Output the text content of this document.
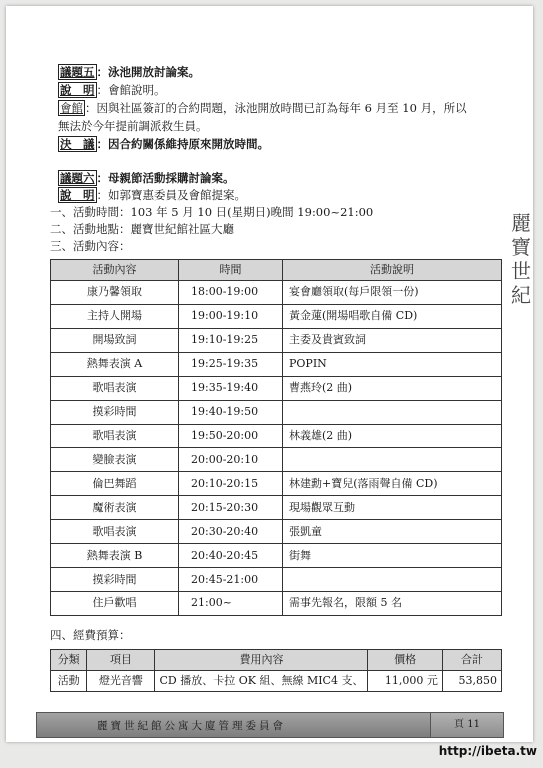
議題五 ：泳池開放討論案。
說　明 ：會館說明。
會館 ：因與社區簽訂的合約問題，泳池開放時間已訂為每年 6 月至 10 月，所以
無法於今年提前調派救生員。
決　議 ：因合約關係維持原來開放時間。
議題六 ：母親節活動採購討論案。
說　明 ：如郭寶惠委員及會館提案。
一、活動時間：103 年 5 月 10 日(星期日)晚間 19:00~21:00
二、活動地點：麗寶世紀館社區大廳
三、活動內容：
活動內容	時間	活動說明
康乃馨領取	18:00-19:00	宴會廳領取(每戶限領一份)
主持人開場	19:00-19:10	黃金蓮(開場唱歌自備 CD)
開場致詞	19:10-19:25	主委及貴賓致詞
熱舞表演 A	19:25-19:35	POPIN
歌唱表演	19:35-19:40	曹燕玲(2 曲)
摸彩時間	19:40-19:50	
歌唱表演	19:50-20:00	林義雄(2 曲)
變臉表演	20:00-20:10	
倫巴舞蹈	20:10-20:15	林建勳+寶兒(落雨聲自備 CD)
魔術表演	20:15-20:30	現場觀眾互動
歌唱表演	20:30-20:40	張凱童
熱舞表演 B	20:40-20:45	街舞
摸彩時間	20:45-21:00	
住戶歡唱	21:00~	需事先報名，限額 5 名
四、經費預算：
分類	項目	費用內容	價格	合計
活動	燈光音響	CD 播放、卡拉 OK 組、無線 MIC4 支、	11,000 元	53,850
麗寶世紀館公寓大廈管理委員會	頁 11
麗
寶
世
紀
http://ibeta.tw
